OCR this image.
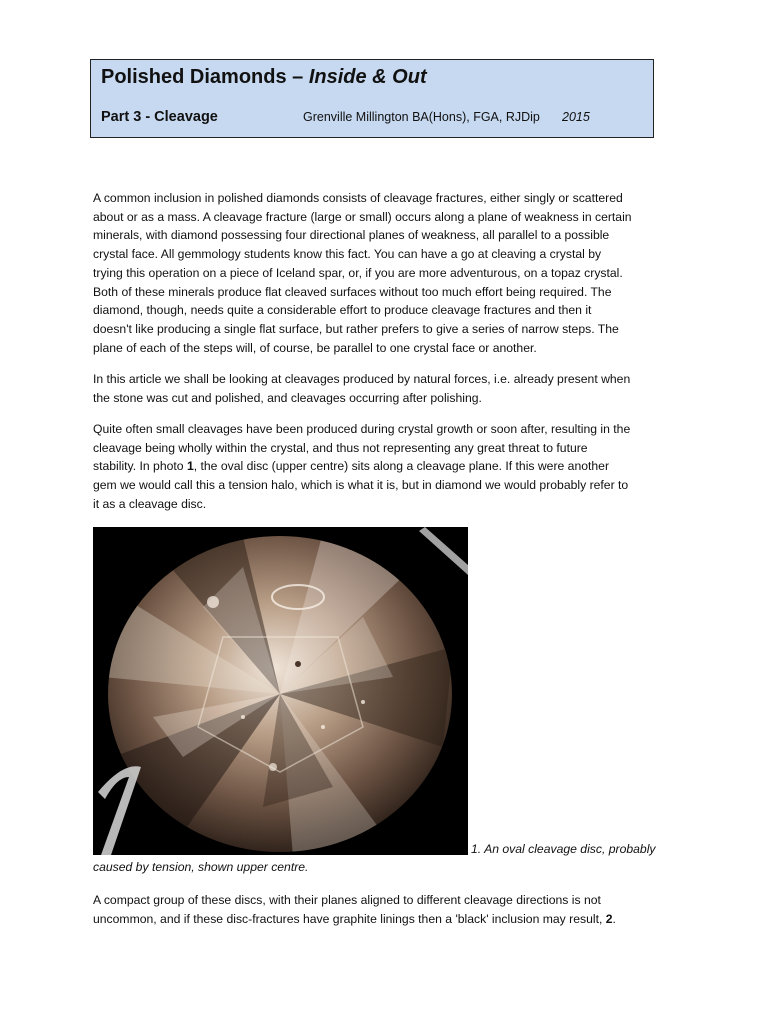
Polished Diamonds – Inside & Out
Part 3 - Cleavage	Grenville Millington BA(Hons), FGA, RJDip 2015
A common inclusion in polished diamonds consists of cleavage fractures, either singly or scattered
about or as a mass. A cleavage fracture (large or small) occurs along a plane of weakness in certain
minerals, with diamond possessing four directional planes of weakness, all parallel to a possible
crystal face. All gemmology students know this fact. You can have a go at cleaving a crystal by
trying this operation on a piece of Iceland spar, or, if you are more adventurous, on a topaz crystal.
Both of these minerals produce flat cleaved surfaces without too much effort being required. The
diamond, though, needs quite a considerable effort to produce cleavage fractures and then it
doesn't like producing a single flat surface, but rather prefers to give a series of narrow steps. The
plane of each of the steps will, of course, be parallel to one crystal face or another.
In this article we shall be looking at cleavages produced by natural forces, i.e. already present when
the stone was cut and polished, and cleavages occurring after polishing.
Quite often small cleavages have been produced during crystal growth or soon after, resulting in the
cleavage being wholly within the crystal, and thus not representing any great threat to future
stability. In photo 1, the oval disc (upper centre) sits along a cleavage plane. If this were another
gem we would call this a tension halo, which is what it is, but in diamond we would probably refer to
it as a cleavage disc.
1. An oval cleavage disc, probably
caused by tension, shown upper centre.
A compact group of these discs, with their planes aligned to different cleavage directions is not
uncommon, and if these disc-fractures have graphite linings then a 'black' inclusion may result, 2.
